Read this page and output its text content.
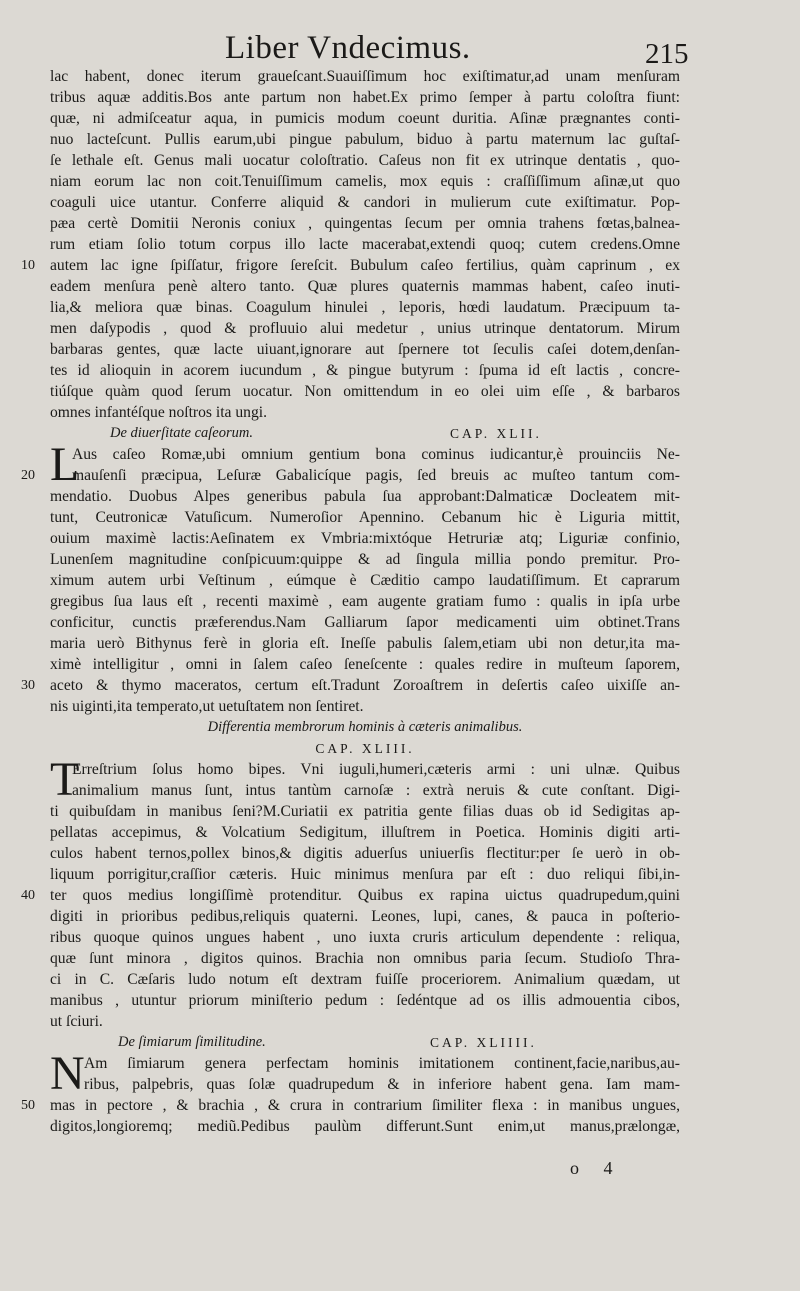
Liber Vndecimus.	215
lac habent, donec iterum graueſcant.Suauiſſimum hoc exiſtimatur,ad unam menſuram
tribus aquæ additis.Bos ante partum non habet.Ex primo ſemper à partu coloſtra fiunt:
quæ, ni admiſceatur aqua, in pumicis modum coeunt duritia. Aſinæ prægnantes conti-
nuo lacteſcunt. Pullis earum,ubi pingue pabulum, biduo à partu maternum lac guſtaſ-
ſe lethale eſt. Genus mali uocatur coloſtratio. Caſeus non fit ex utrinque dentatis , quo-
niam eorum lac non coit.Tenuiſſimum camelis, mox equis : craſſiſſimum aſinæ,ut quo
coaguli uice utantur. Conferre aliquid & candori in mulierum cute exiſtimatur. Pop-
pæa certè Domitii Neronis coniux , quingentas ſecum per omnia trahens fœtas,balnea-
rum etiam ſolio totum corpus illo lacte macerabat,extendi quoq; cutem credens.Omne
10 autem lac igne ſpiſſatur, frigore ſereſcit. Bubulum caſeo fertilius, quàm caprinum , ex
eadem menſura penè altero tanto. Quæ plures quaternis mammas habent, caſeo inuti-
lia,& meliora quæ binas. Coagulum hinulei , leporis, hœdi laudatum. Præcipuum ta-
men daſypodis , quod & profluuio alui medetur , unius utrinque dentatorum. Mirum
barbaras gentes, quæ lacte uiuant,ignorare aut ſpernere tot ſeculis caſei dotem,denſan-
tes id alioquin in acorem iucundum , & pingue butyrum : ſpuma id eſt lactis , concre-
tiúſque quàm quod ſerum uocatur. Non omittendum in eo olei uim eſſe , & barbaros
omnes infantéſque noſtros ita ungi.
De diuerſitate caſeorum.	CAP. XLII.
L
Aus caſeo Romæ,ubi omnium gentium bona cominus iudicantur,è prouinciis Ne-
20 mauſenſi præcipua, Leſuræ Gabalicíque pagis, ſed breuis ac muſteo tantum com-
mendatio. Duobus Alpes generibus pabula ſua approbant:Dalmaticæ Docleatem mit-
tunt, Ceutronicæ Vatuſicum. Numeroſior Apennino. Cebanum hic è Liguria mittit,
ouium maximè lactis:Aeſinatem ex Vmbria:mixtóque Hetruriæ atq; Liguriæ confinio,
Lunenſem magnitudine conſpicuum:quippe & ad ſingula millia pondo premitur. Pro-
ximum autem urbi Veſtinum , eúmque è Cæditio campo laudatiſſimum. Et caprarum
gregibus ſua laus eſt , recenti maximè , eam augente gratiam fumo : qualis in ipſa urbe
conficitur, cunctis præferendus.Nam Galliarum ſapor medicamenti uim obtinet.Trans
maria uerò Bithynus ferè in gloria eſt. Ineſſe pabulis ſalem,etiam ubi non detur,ita ma-
ximè intelligitur , omni in ſalem caſeo ſeneſcente : quales redire in muſteum ſaporem,
30 aceto & thymo maceratos, certum eſt.Tradunt Zoroaſtrem in deſertis caſeo uixiſſe an-
nis uiginti,ita temperato,ut uetuſtatem non ſentiret.
Differentia membrorum hominis à cæteris animalibus.
CAP. XLIII.
T
Erreſtrium ſolus homo bipes. Vni iuguli,humeri,cæteris armi : uni ulnæ. Quibus
animalium manus ſunt, intus tantùm carnoſæ : extrà neruis & cute conſtant. Digi-
ti quibuſdam in manibus ſeni?M.Curiatii ex patritia gente filias duas ob id Sedigitas ap-
pellatas accepimus, & Volcatium Sedigitum, illuſtrem in Poetica. Hominis digiti arti-
culos habent ternos,pollex binos,& digitis aduerſus uniuerſis flectitur:per ſe uerò in ob-
liquum porrigitur,craſſior cæteris. Huic minimus menſura par eſt : duo reliqui ſibi,in-
40 ter quos medius longiſſimè protenditur. Quibus ex rapina uictus quadrupedum,quini
digiti in prioribus pedibus,reliquis quaterni. Leones, lupi, canes, & pauca in poſterio-
ribus quoque quinos ungues habent , uno iuxta cruris articulum dependente : reliqua,
quæ ſunt minora , digitos quinos. Brachia non omnibus paria ſecum. Studioſo Thra-
ci in C. Cæſaris ludo notum eſt dextram fuiſſe proceriorem. Animalium quædam, ut
manibus , utuntur priorum miniſterio pedum : ſedéntque ad os illis admouentia cibos,
ut ſciuri.
De ſimiarum ſimilitudine.	CAP. XLIIII.
N Am ſimiarum genera perfectam hominis imitationem continent,facie,naribus,au-
ribus, palpebris, quas ſolæ quadrupedum & in inferiore habent gena. Iam mam-
50 mas in pectore , & brachia , & crura in contrarium ſimiliter flexa : in manibus ungues,
digitos,longioremq; mediũ.Pedibus paulùm differunt.Sunt enim,ut manus,prælongæ,
o 4
